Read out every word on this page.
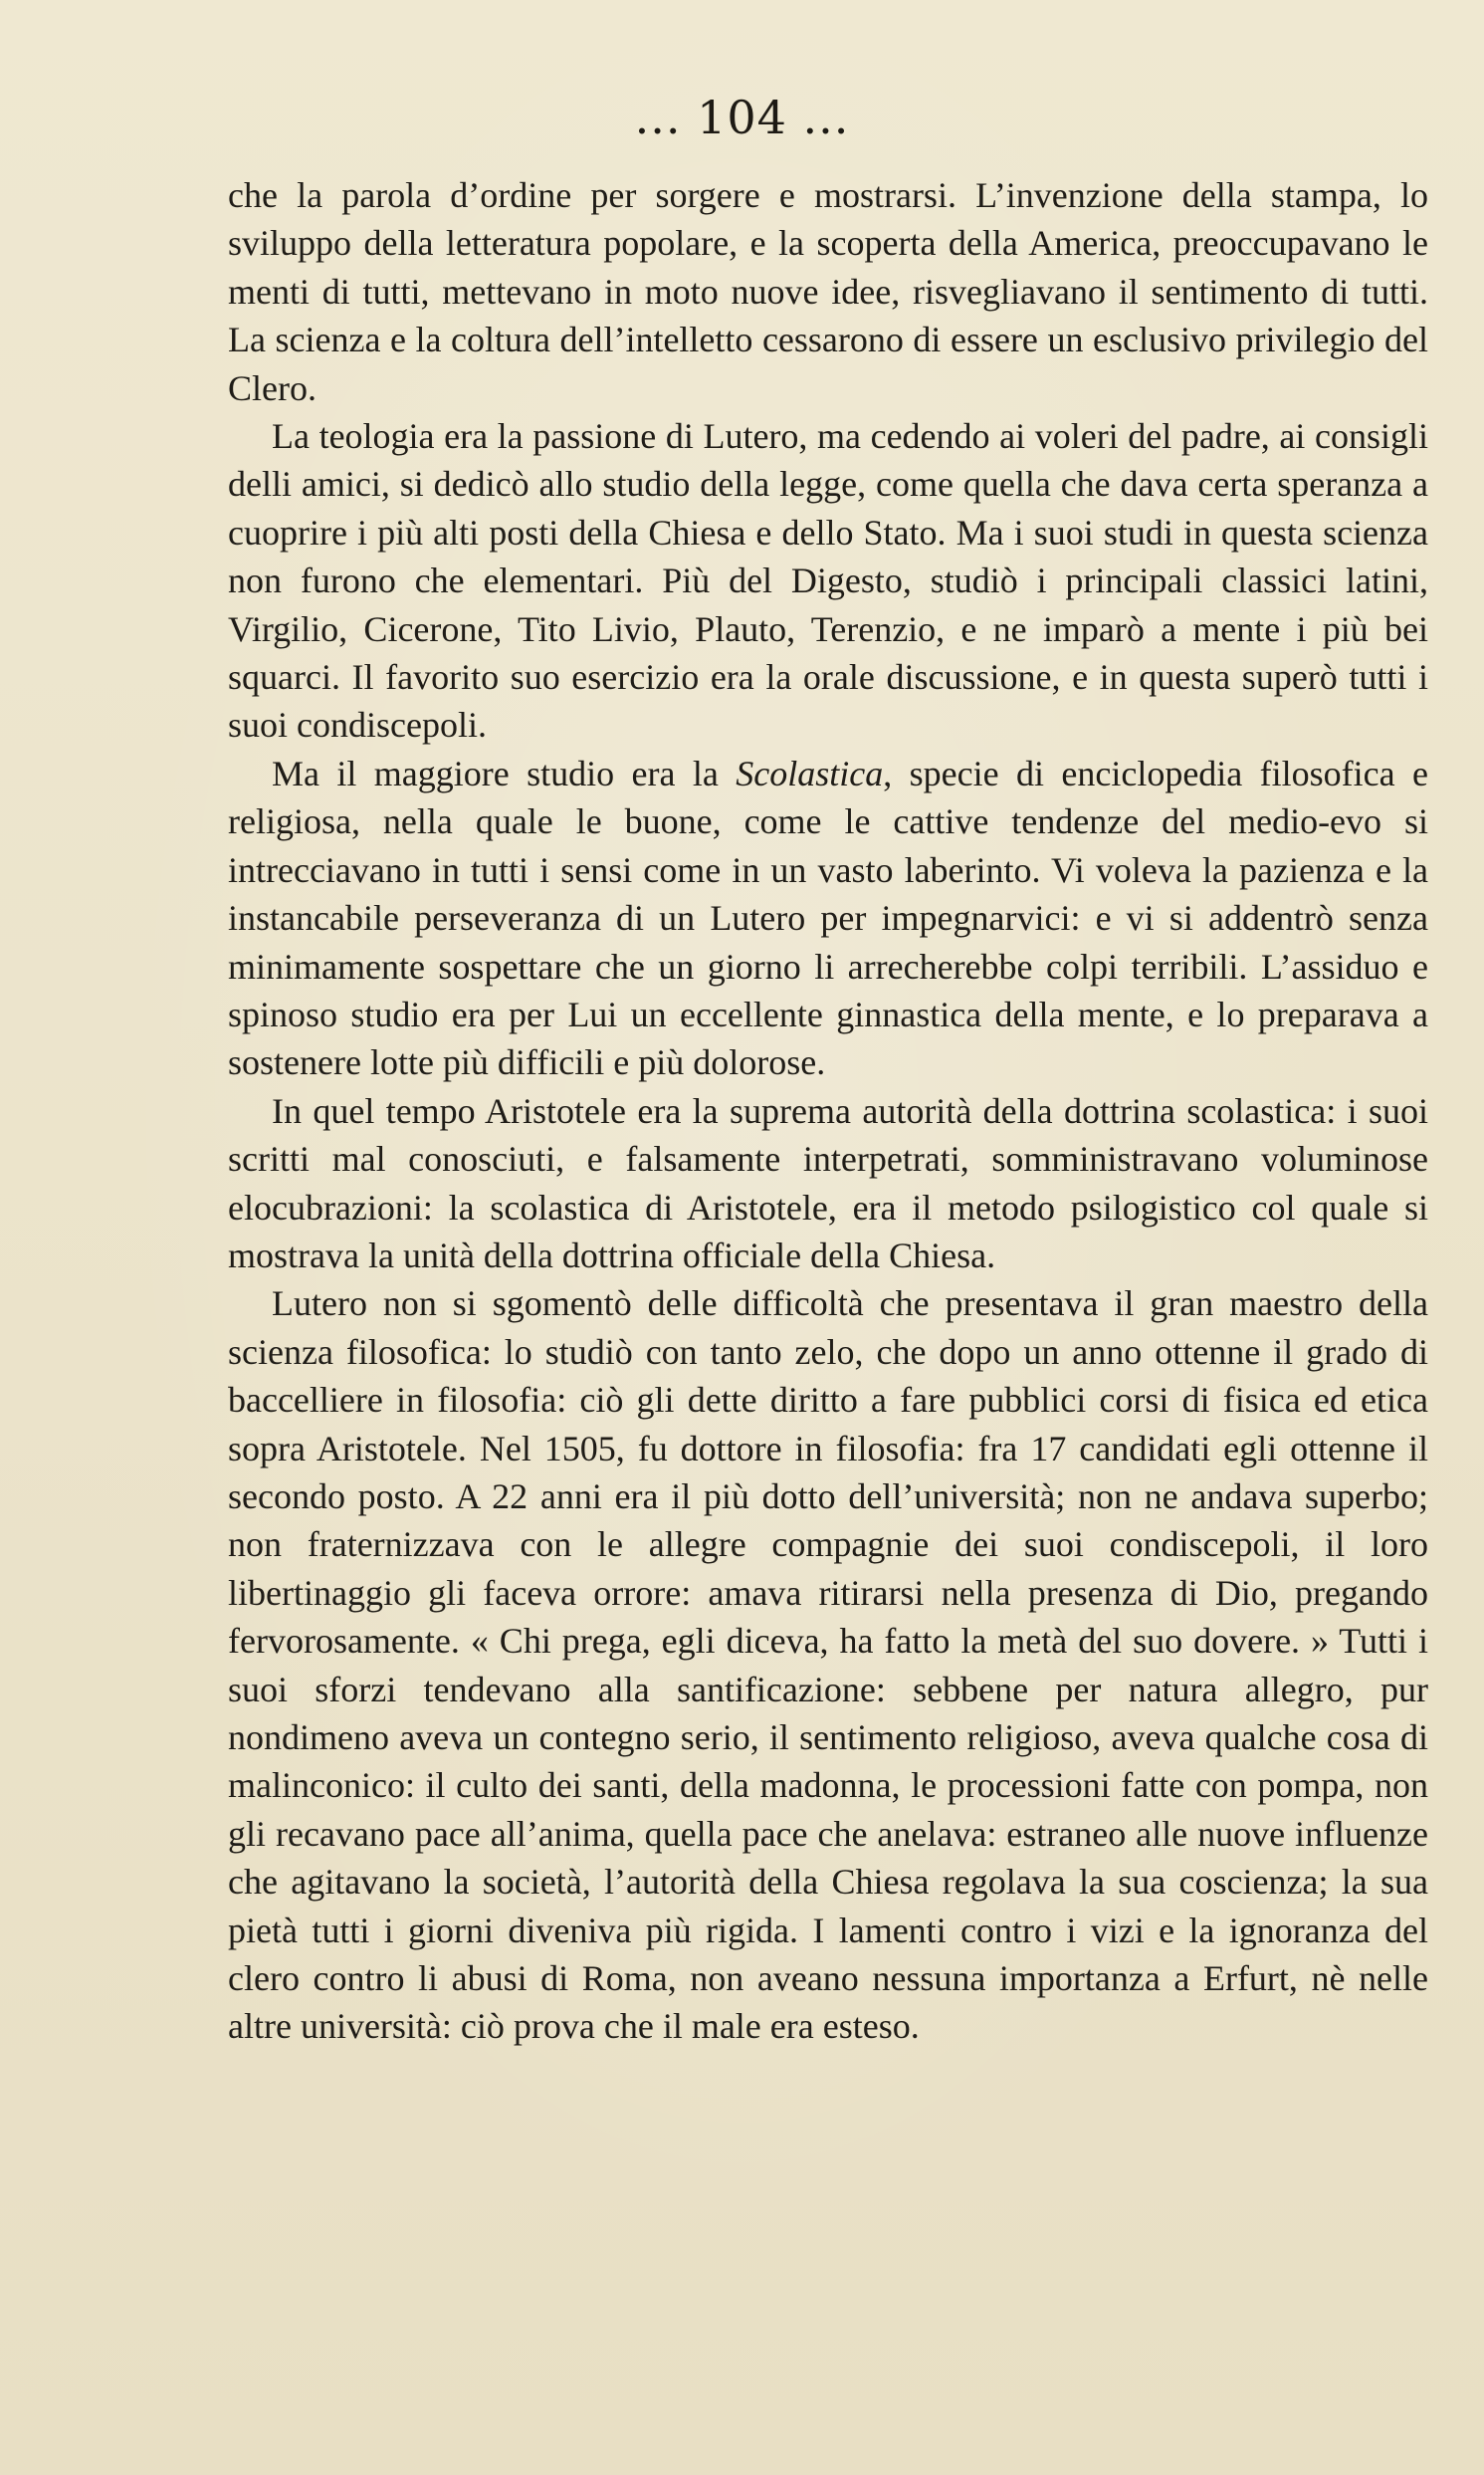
... 104 ...

che la parola d’ordine per sorgere e mostrarsi. L’invenzione della stampa, lo sviluppo della letteratura popolare, e la scoperta della America, preoccupavano le menti di tutti, mettevano in moto nuove idee, risvegliavano il sentimento di tutti. La scienza e la coltura dell’intelletto cessarono di essere un esclusivo privilegio del Clero.

La teologia era la passione di Lutero, ma cedendo ai voleri del padre, ai consigli delli amici, si dedicò allo studio della legge, come quella che dava certa speranza a cuoprire i più alti posti della Chiesa e dello Stato. Ma i suoi studi in questa scienza non furono che elementari. Più del Digesto, studiò i principali classici latini, Virgilio, Cicerone, Tito Livio, Plauto, Terenzio, e ne imparò a mente i più bei squarci. Il favorito suo esercizio era la orale discussione, e in questa superò tutti i suoi condiscepoli.

Ma il maggiore studio era la Scolastica, specie di enciclopedia filosofica e religiosa, nella quale le buone, come le cattive tendenze del medio-evo si intrecciavano in tutti i sensi come in un vasto laberinto. Vi voleva la pazienza e la instancabile perseveranza di un Lutero per impegnarvici: e vi si addentrò senza minimamente sospettare che un giorno li arrecherebbe colpi terribili. L’assiduo e spinoso studio era per Lui un eccellente ginnastica della mente, e lo preparava a sostenere lotte più difficili e più dolorose.

In quel tempo Aristotele era la suprema autorità della dottrina scolastica: i suoi scritti mal conosciuti, e falsamente interpetrati, somministravano voluminose elocubrazioni: la scolastica di Aristotele, era il metodo psilogistico col quale si mostrava la unità della dottrina officiale della Chiesa.

Lutero non si sgomentò delle difficoltà che presentava il gran maestro della scienza filosofica: lo studiò con tanto zelo, che dopo un anno ottenne il grado di baccelliere in filosofia: ciò gli dette diritto a fare pubblici corsi di fisica ed etica sopra Aristotele. Nel 1505, fu dottore in filosofia: fra 17 candidati egli ottenne il secondo posto. A 22 anni era il più dotto dell’università; non ne andava superbo; non fraternizzava con le allegre compagnie dei suoi condiscepoli, il loro libertinaggio gli faceva orrore: amava ritirarsi nella presenza di Dio, pregando fervorosamente. « Chi prega, egli diceva, ha fatto la metà del suo dovere. » Tutti i suoi sforzi tendevano alla santificazione: sebbene per natura allegro, pur nondimeno aveva un contegno serio, il sentimento religioso, aveva qualche cosa di malinconico: il culto dei santi, della madonna, le processioni fatte con pompa, non gli recavano pace all’anima, quella pace che anelava: estraneo alle nuove influenze che agitavano la società, l’autorità della Chiesa regolava la sua coscienza; la sua pietà tutti i giorni diveniva più rigida. I lamenti contro i vizi e la ignoranza del clero contro li abusi di Roma, non aveano nessuna importanza a Erfurt, nè nelle altre università: ciò prova che il male era esteso.
